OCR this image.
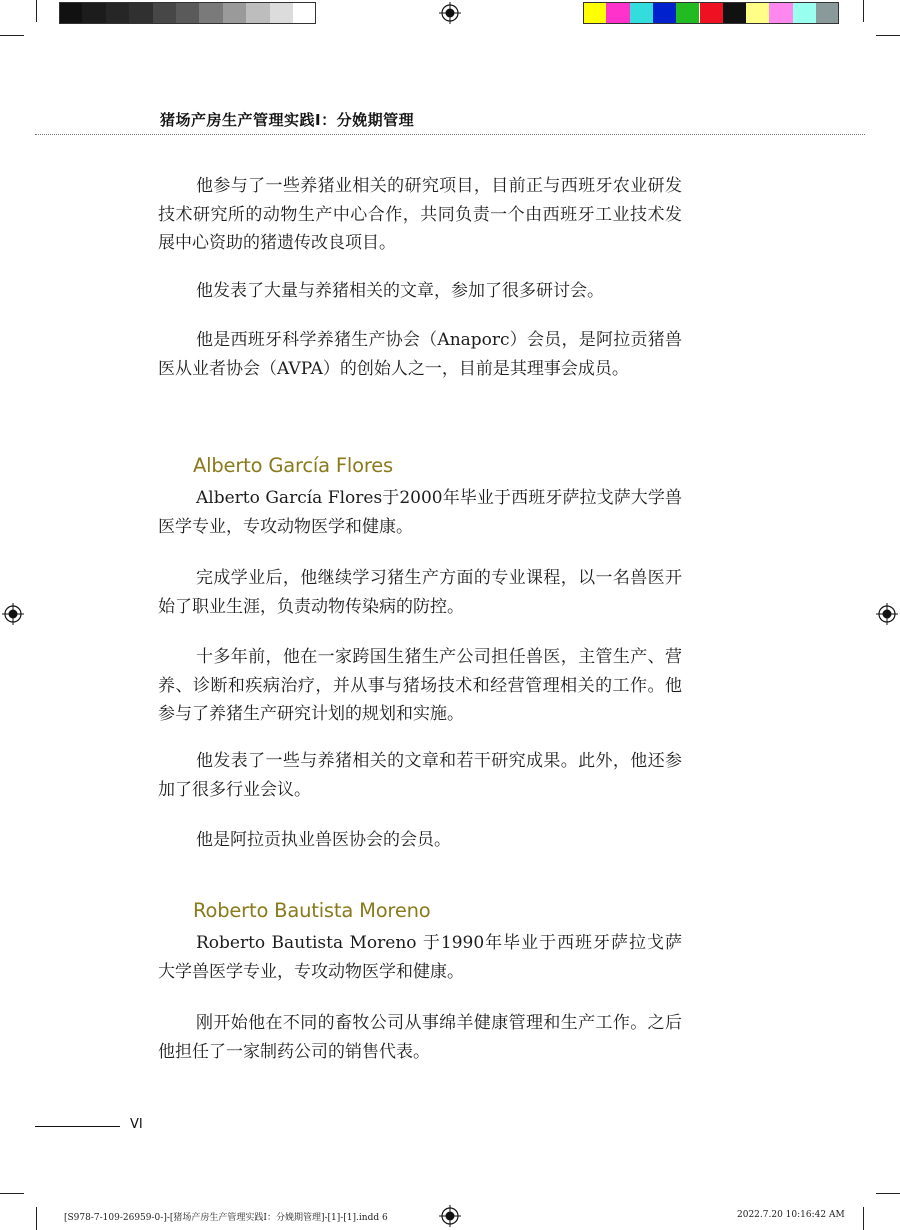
猪场产房生产管理实践Ⅰ：分娩期管理

他参与了一些养猪业相关的研究项目，目前正与西班牙农业研发技术研究所的动物生产中心合作，共同负责一个由西班牙工业技术发展中心资助的猪遗传改良项目。

他发表了大量与养猪相关的文章，参加了很多研讨会。

他是西班牙科学养猪生产协会（Anaporc）会员，是阿拉贡猪兽医从业者协会（AVPA）的创始人之一，目前是其理事会成员。

Alberto García Flores

Alberto García Flores于2000年毕业于西班牙萨拉戈萨大学兽医学专业，专攻动物医学和健康。

完成学业后，他继续学习猪生产方面的专业课程，以一名兽医开始了职业生涯，负责动物传染病的防控。

十多年前，他在一家跨国生猪生产公司担任兽医，主管生产、营养、诊断和疾病治疗，并从事与猪场技术和经营管理相关的工作。他参与了养猪生产研究计划的规划和实施。

他发表了一些与养猪相关的文章和若干研究成果。此外，他还参加了很多行业会议。

他是阿拉贡执业兽医协会的会员。

Roberto Bautista Moreno

Roberto Bautista Moreno 于1990年毕业于西班牙萨拉戈萨大学兽医学专业，专攻动物医学和健康。

刚开始他在不同的畜牧公司从事绵羊健康管理和生产工作。之后他担任了一家制药公司的销售代表。

VI
[S978-7-109-26959-0-]-[猪场产房生产管理实践Ⅰ：分娩期管理]-[1]-[1].indd 6	2022.7.20 10:16:42 AM
